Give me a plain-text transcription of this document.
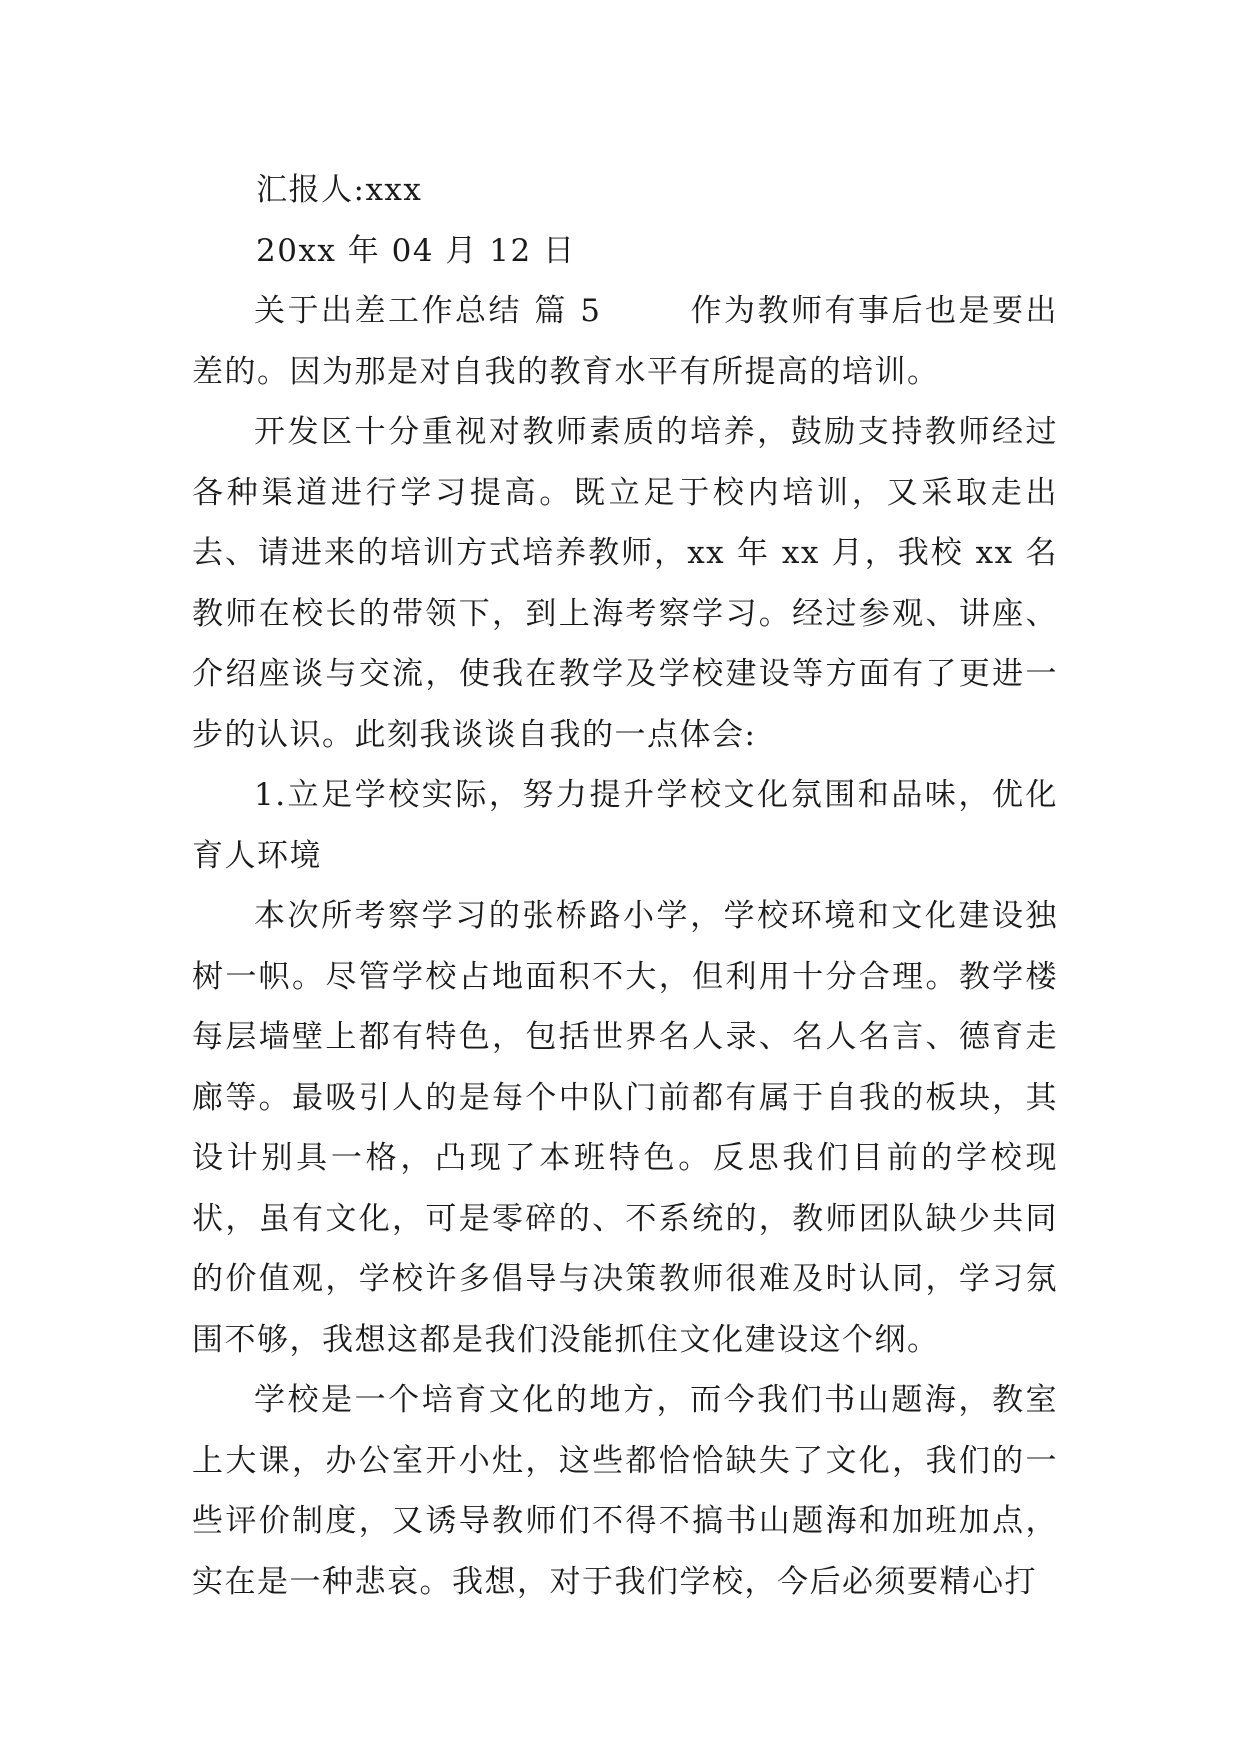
汇报人:xxx

20xx 年 04 月 12 日

关于出差工作总结 篇 5	作为教师有事后也是要出差的。因为那是对自我的教育水平有所提高的培训。

开发区十分重视对教师素质的培养，鼓励支持教师经过各种渠道进行学习提高。既立足于校内培训，又采取走出去、请进来的培训方式培养教师，xx 年 xx 月，我校 xx 名教师在校长的带领下，到上海考察学习。经过参观、讲座、介绍座谈与交流，使我在教学及学校建设等方面有了更进一步的认识。此刻我谈谈自我的一点体会:

1.立足学校实际，努力提升学校文化氛围和品味，优化育人环境

本次所考察学习的张桥路小学，学校环境和文化建设独树一帜。尽管学校占地面积不大，但利用十分合理。教学楼每层墙壁上都有特色，包括世界名人录、名人名言、德育走廊等。最吸引人的是每个中队门前都有属于自我的板块，其设计别具一格，凸现了本班特色。反思我们目前的学校现状，虽有文化，可是零碎的、不系统的，教师团队缺少共同的价值观，学校许多倡导与决策教师很难及时认同，学习氛围不够，我想这都是我们没能抓住文化建设这个纲。

学校是一个培育文化的地方，而今我们书山题海，教室上大课，办公室开小灶，这些都恰恰缺失了文化，我们的一些评价制度，又诱导教师们不得不搞书山题海和加班加点，实在是一种悲哀。我想，对于我们学校，今后必须要精心打
